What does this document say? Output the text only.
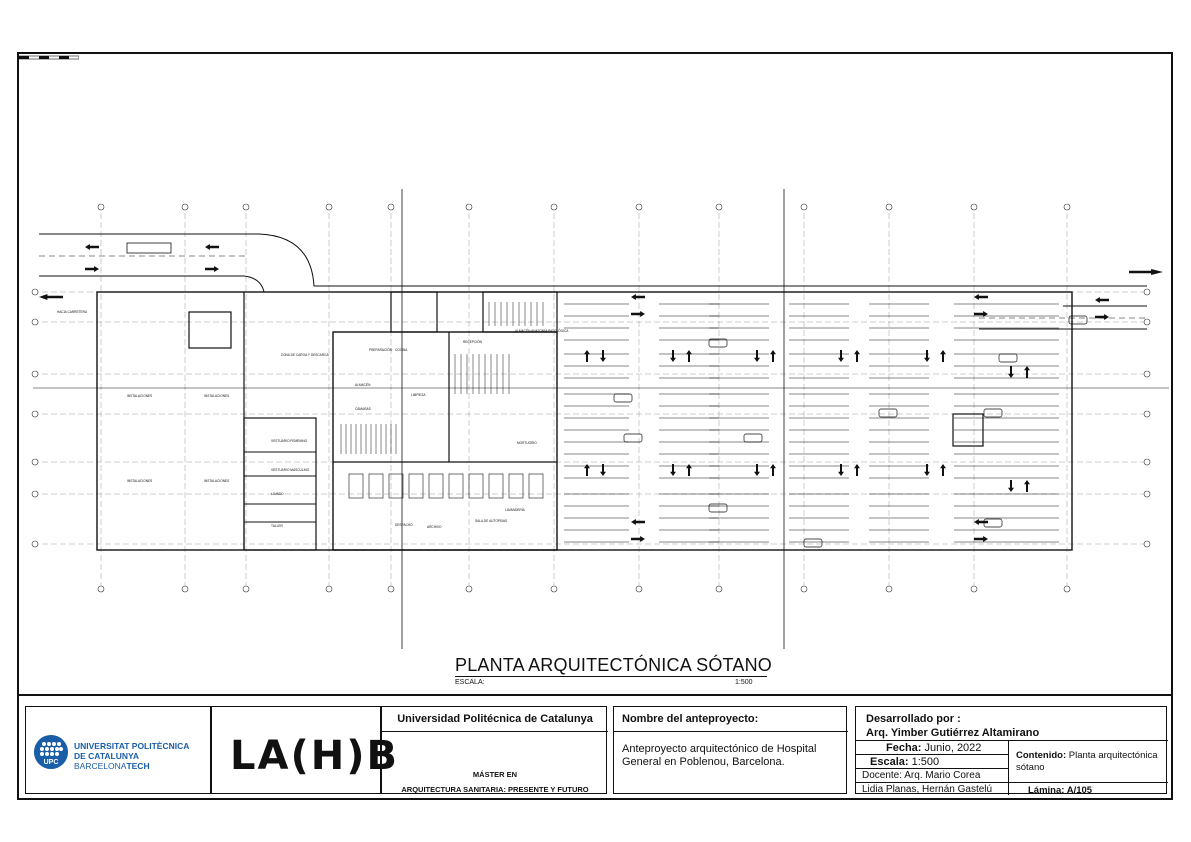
INSTALACIONES	INSTALACIONES
INSTALACIONES	INSTALACIONES
VESTUARIO FEMENINO
VESTUARIO MASCULINO
LAVADO
TALLER
ZONA DE CARGA Y DESCARGA
PREPARACIÓN COCINA
RECEPCIÓN
ALMACÉN
CÁMARAS
LIMPIEZA
LAVANDERÍA
MORTUORIO
SALA DE AUTOPSIAS
DESPACHO	ARCHIVO
ALMACÉN ANATOMÍA PATOLÓGICA
HACIA CARRETERA
PLANTA ARQUITECTÓNICA SÓTANO
ESCALA:	1:500
UPC
UNIVERSITAT POLITÈCNICA
DE CATALUNYA
BARCELONATECH	LA(H)B
Universidad Politécnica de Catalunya
MÁSTER EN
ARQUITECTURA SANITARIA: PRESENTE Y FUTURO
Nombre del anteproyecto:
Anteproyecto arquitectónico de Hospital General en Poblenou, Barcelona.
Desarrollado por :
Arq. Yimber Gutiérrez Altamirano
Fecha: Junio, 2022
Escala: 1:500
Docente: Arq. Mario Corea
Lidia Planas, Hernán Gastelú
Contenido: Planta arquitectónica sótano
Lámina: A/105
